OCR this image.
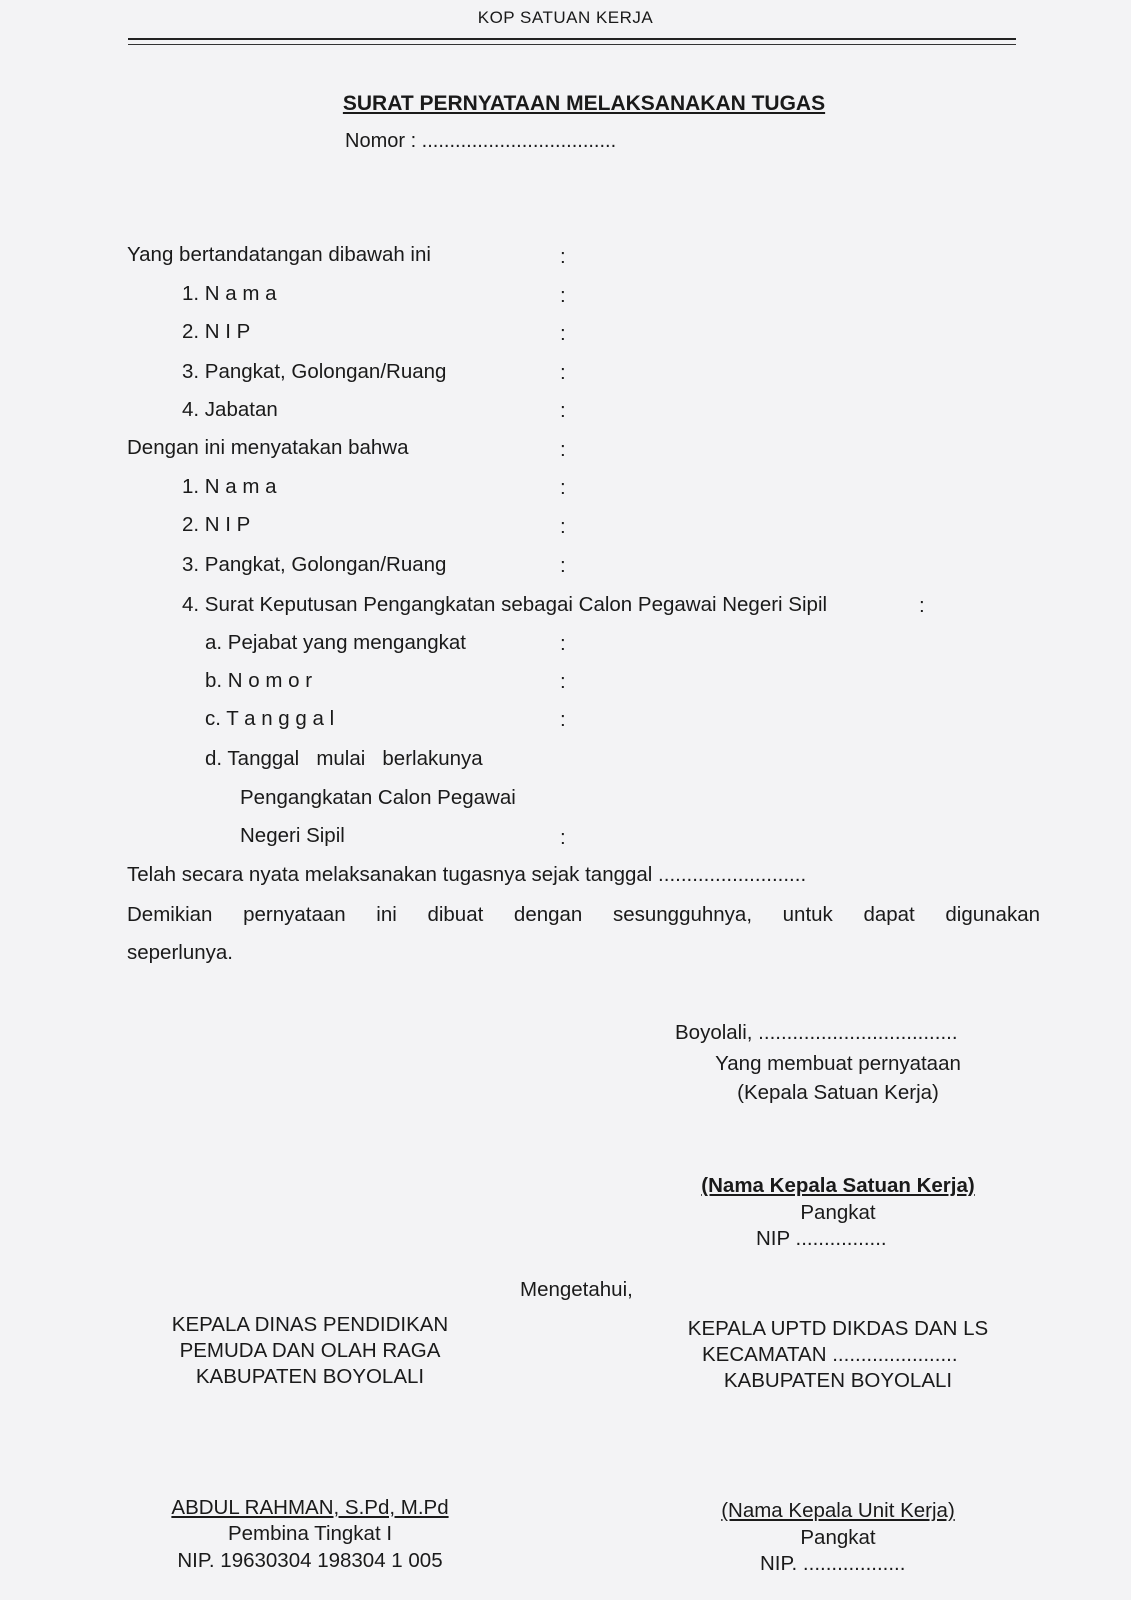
KOP SATUAN KERJA
SURAT PERNYATAAN MELAKSANAKAN TUGAS
Nomor : ...................................
Yang bertandatangan dibawah ini	:
1. N a m a	:
2. N I P	:
3. Pangkat, Golongan/Ruang	:
4. Jabatan	:
Dengan ini menyatakan bahwa	:
1. N a m a	:
2. N I P	:
3. Pangkat, Golongan/Ruang	:
4. Surat Keputusan Pengangkatan sebagai Calon Pegawai Negeri Sipil	:
a. Pejabat yang mengangkat	:
b. N o m o r	:
c. T a n g g a l	:
d. Tanggal   mulai   berlakunya
Pengangkatan Calon Pegawai
Negeri Sipil	:
Telah secara nyata melaksanakan tugasnya sejak tanggal ..........................
Demikian pernyataan ini dibuat dengan sesungguhnya, untuk dapat digunakan
seperlunya.
Boyolali, ...................................
Yang membuat pernyataan
(Kepala Satuan Kerja)
(Nama Kepala Satuan Kerja)
Pangkat
NIP ................
Mengetahui,
KEPALA DINAS PENDIDIKAN
PEMUDA DAN OLAH RAGA
KABUPATEN BOYOLALI
ABDUL RAHMAN, S.Pd, M.Pd
Pembina Tingkat I
NIP. 19630304 198304 1 005
KEPALA UPTD DIKDAS DAN LS
KECAMATAN ......................
KABUPATEN BOYOLALI
(Nama Kepala Unit Kerja)
Pangkat
NIP. ..................
